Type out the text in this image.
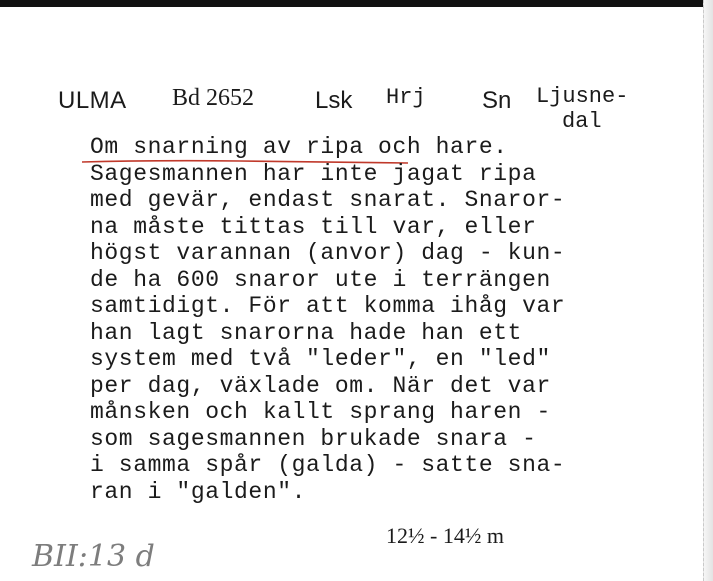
ULMA Bd 2652	Lsk Hrj Sn Ljusne-
dal
Om snarning av ripa och hare.
Sagesmannen har inte jagat ripa
med gevär, endast snarat. Snaror-
na måste tittas till var, eller
högst varannan (anvor) dag - kun-
de ha 600 snaror ute i terrängen
samtidigt. För att komma ihåg var
han lagt snarorna hade han ett
system med två "leder", en "led"
per dag, växlade om. När det var
månsken och kallt sprang haren -
som sagesmannen brukade snara -
i samma spår (galda) - satte sna-
ran i "galden".
12½ - 14½ m
BII:13 d
